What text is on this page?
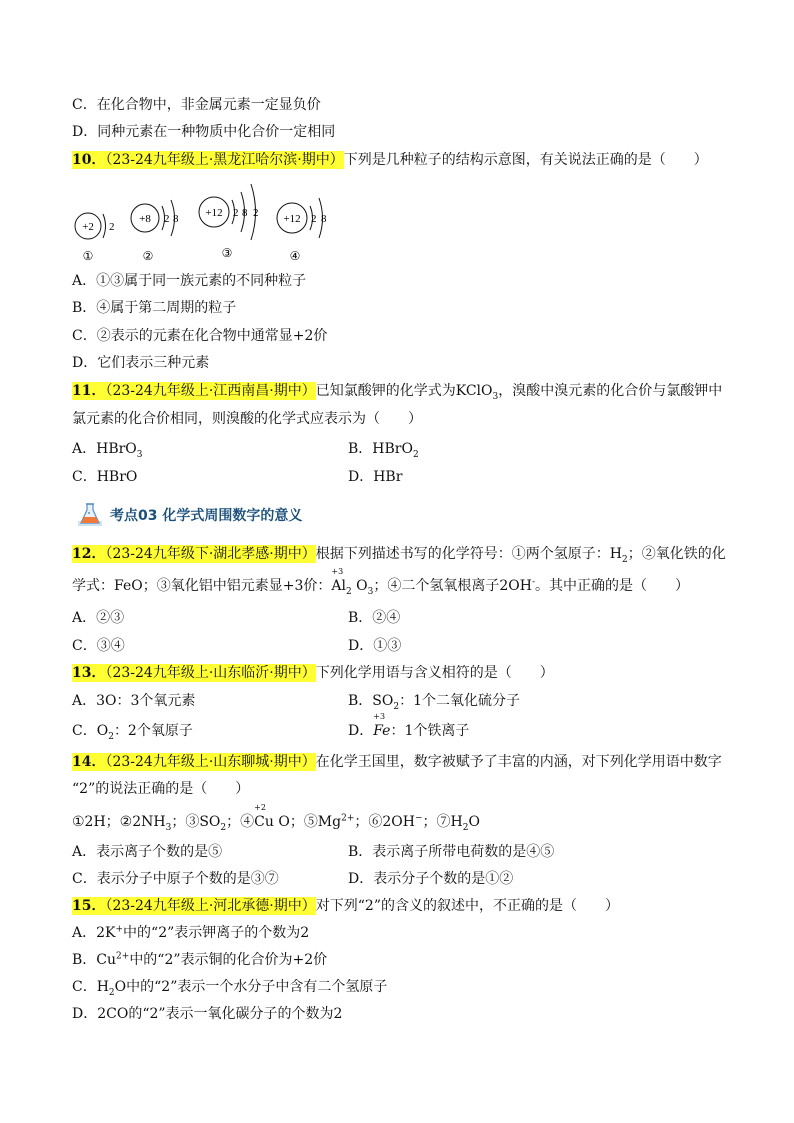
C．在化合物中，非金属元素一定显负价
D．同种元素在一种物质中化合价一定相同
10．（23-24九年级上·黑龙江哈尔滨·期中）下列是几种粒子的结构示意图，有关说法正确的是（　　）
+2 2
①
+8 2 8
②
+12 2 8 2
③
+12 2 8
④
A．①③属于同一族元素的不同种粒子
B．④属于第二周期的粒子
C．②表示的元素在化合物中通常显+2价
D．它们表示三种元素
11．（23-24九年级上·江西南昌·期中）已知氯酸钾的化学式为KClO$_3$，溴酸中溴元素的化合价与氯酸钾中
氯元素的化合价相同，则溴酸的化学式应表示为（　　）
A．HBrO$_3$	B．HBrO$_2$
C．HBrO	D．HBr
考点03 化学式周围数字的意义
12．（23-24九年级下·湖北孝感·期中）根据下列描述书写的化学符号：①两个氢原子：$H_2$；②氧化铁的化
学式：FeO；③氧化铝中铝元素显+3价：
+3
$Al_2$ $O_3$；④二个氢氧根离子2OH-。其中正确的是（　　）
A．②③	B．②④
C．③④	D．①③
13．（23-24九年级上·山东临沂·期中）下列化学用语与含义相符的是（　　）
A．3O：3个氧元素	B．$SO_2$：1个二氧化硫分子
C．$O_2$：2个氧原子	D．
+3
Fe：1个铁离子
14．（23-24九年级上·山东聊城·期中）在化学王国里，数字被赋予了丰富的内涵，对下列化学用语中数字
“2”的说法正确的是（　　）
①2H；$②2NH_3$；$③SO_2$；④
+2
Cu O；$⑤Mg^{2+}$；⑥2OH−；$⑦H_2O$
A．表示离子个数的是⑤	B．表示离子所带电荷数的是④⑤
C．表示分子中原子个数的是③⑦	D．表示分子个数的是①②
15．（23-24九年级上·河北承德·期中）对下列“2”的含义的叙述中，不正确的是（　　）
A．2K+中的“2”表示钾离子的个数为2
B．$Cu^{2+}$中的“2”表示铜的化合价为+2价
C．$H_2O$中的“2”表示一个水分子中含有二个氢原子
D．2CO的“2”表示一氧化碳分子的个数为2
